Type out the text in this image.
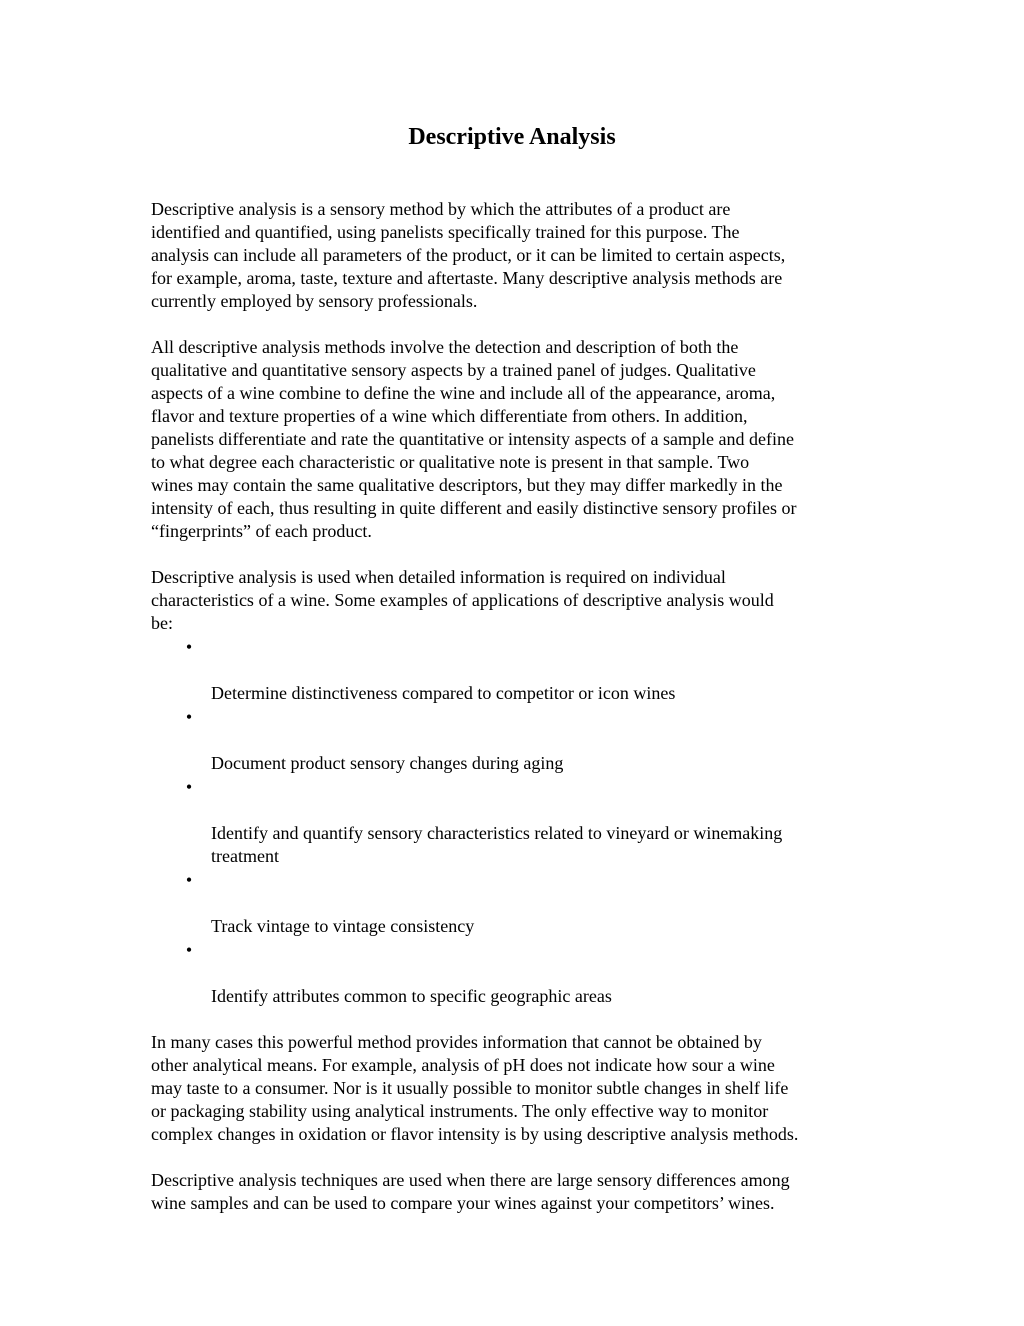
Descriptive Analysis

Descriptive analysis is a sensory method by which the attributes of a product are
identified and quantified, using panelists specifically trained for this purpose. The
analysis can include all parameters of the product, or it can be limited to certain aspects,
for example, aroma, taste, texture and aftertaste. Many descriptive analysis methods are
currently employed by sensory professionals.

All descriptive analysis methods involve the detection and description of both the
qualitative and quantitative sensory aspects by a trained panel of judges. Qualitative
aspects of a wine combine to define the wine and include all of the appearance, aroma,
flavor and texture properties of a wine which differentiate from others. In addition,
panelists differentiate and rate the quantitative or intensity aspects of a sample and define
to what degree each characteristic or qualitative note is present in that sample. Two
wines may contain the same qualitative descriptors, but they may differ markedly in the
intensity of each, thus resulting in quite different and easily distinctive sensory profiles or
“fingerprints” of each product.

Descriptive analysis is used when detailed information is required on individual
characteristics of a wine. Some examples of applications of descriptive analysis would
be:

•

Determine distinctiveness compared to competitor or icon wines

•

Document product sensory changes during aging

•

Identify and quantify sensory characteristics related to vineyard or winemaking
treatment

•

Track vintage to vintage consistency

•

Identify attributes common to specific geographic areas

In many cases this powerful method provides information that cannot be obtained by
other analytical means. For example, analysis of pH does not indicate how sour a wine
may taste to a consumer. Nor is it usually possible to monitor subtle changes in shelf life
or packaging stability using analytical instruments. The only effective way to monitor
complex changes in oxidation or flavor intensity is by using descriptive analysis methods.

Descriptive analysis techniques are used when there are large sensory differences among
wine samples and can be used to compare your wines against your competitors’ wines.
